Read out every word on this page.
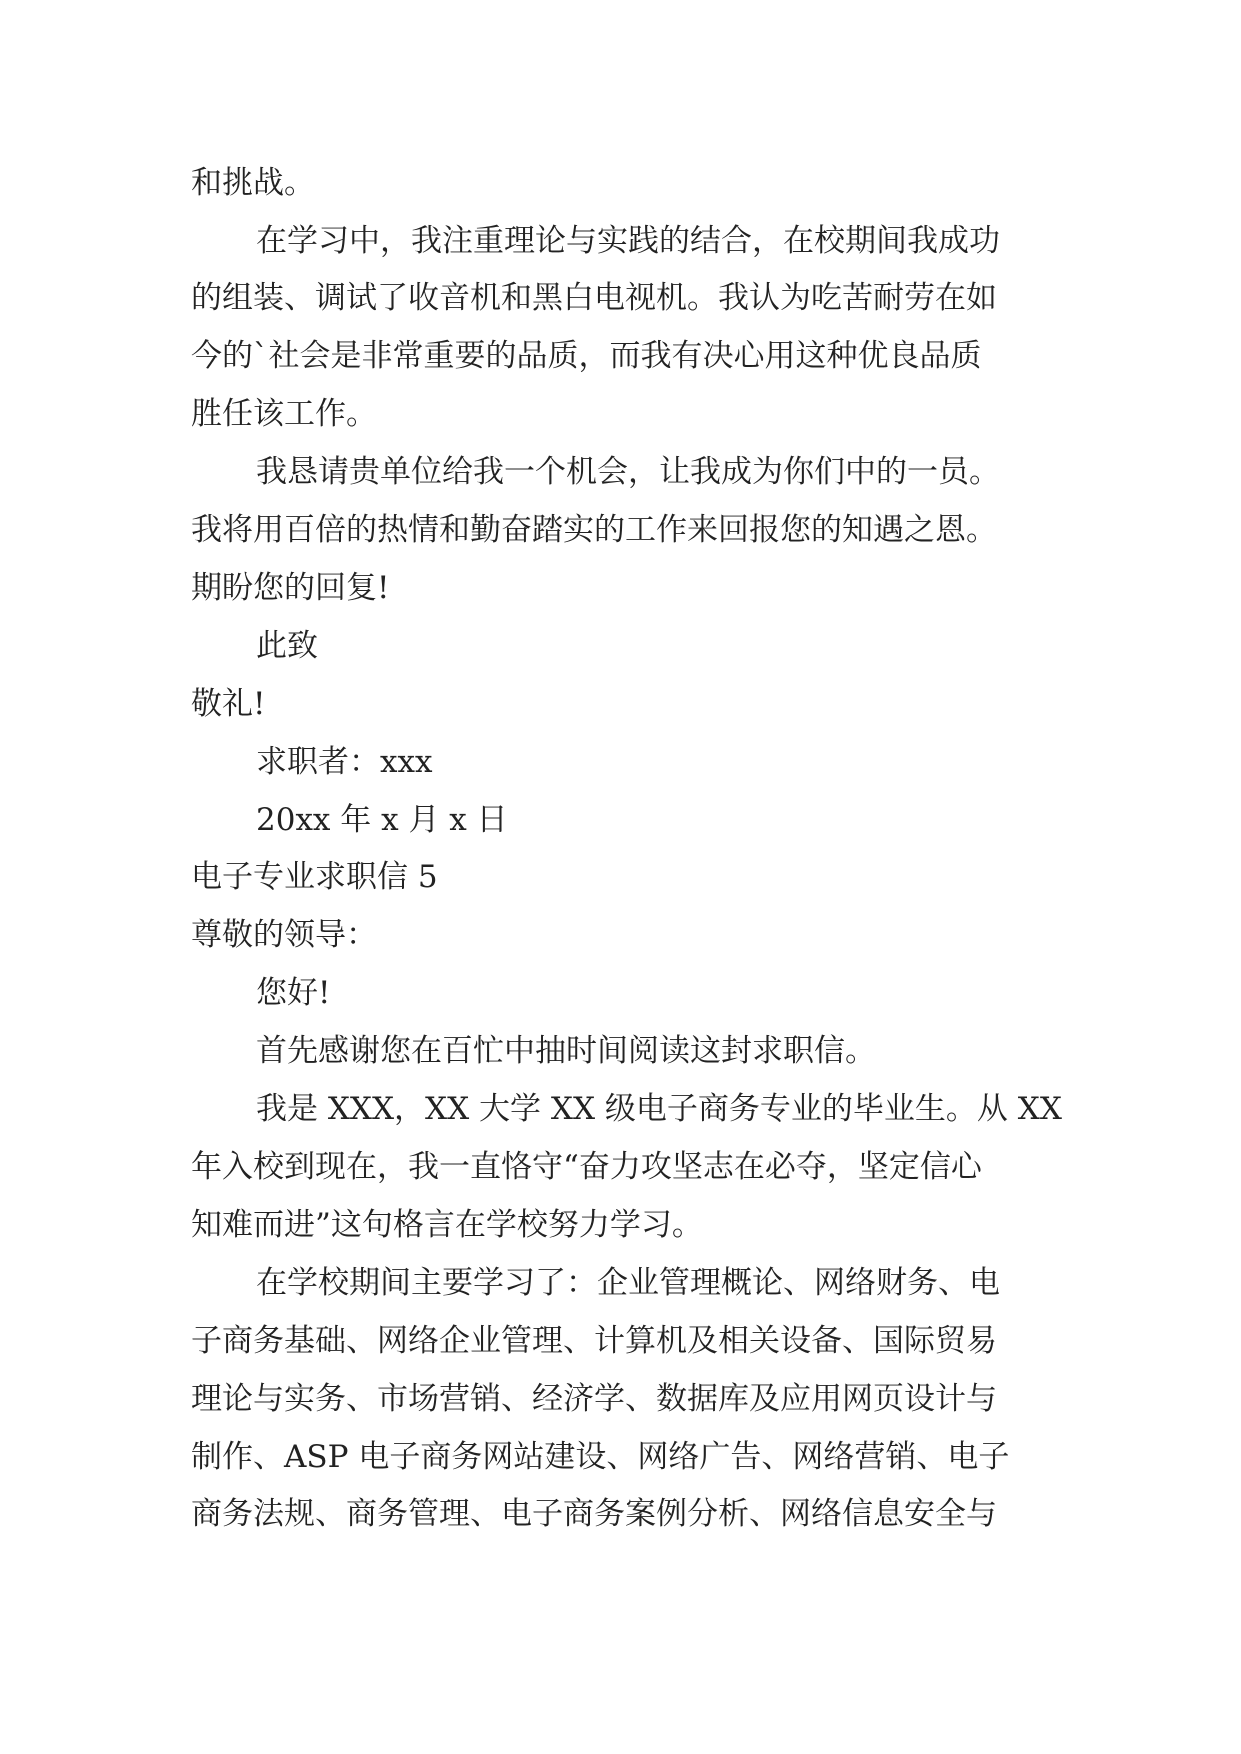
和挑战。
在学习中，我注重理论与实践的结合，在校期间我成功
的组装、调试了收音机和黑白电视机。我认为吃苦耐劳在如
今的`社会是非常重要的品质，而我有决心用这种优良品质
胜任该工作。
我恳请贵单位给我一个机会，让我成为你们中的一员。
我将用百倍的热情和勤奋踏实的工作来回报您的知遇之恩。
期盼您的回复!
此致
敬礼!
求职者：xxx
20xx 年 x 月 x 日
电子专业求职信 5
尊敬的领导：
您好!
首先感谢您在百忙中抽时间阅读这封求职信。
我是 XXX，XX 大学 XX 级电子商务专业的毕业生。从 XX
年入校到现在，我一直恪守“奋力攻坚志在必夺，坚定信心
知难而进”这句格言在学校努力学习。
在学校期间主要学习了：企业管理概论、网络财务、电
子商务基础、网络企业管理、计算机及相关设备、国际贸易
理论与实务、市场营销、经济学、数据库及应用网页设计与
制作、ASP 电子商务网站建设、网络广告、网络营销、电子
商务法规、商务管理、电子商务案例分析、网络信息安全与
